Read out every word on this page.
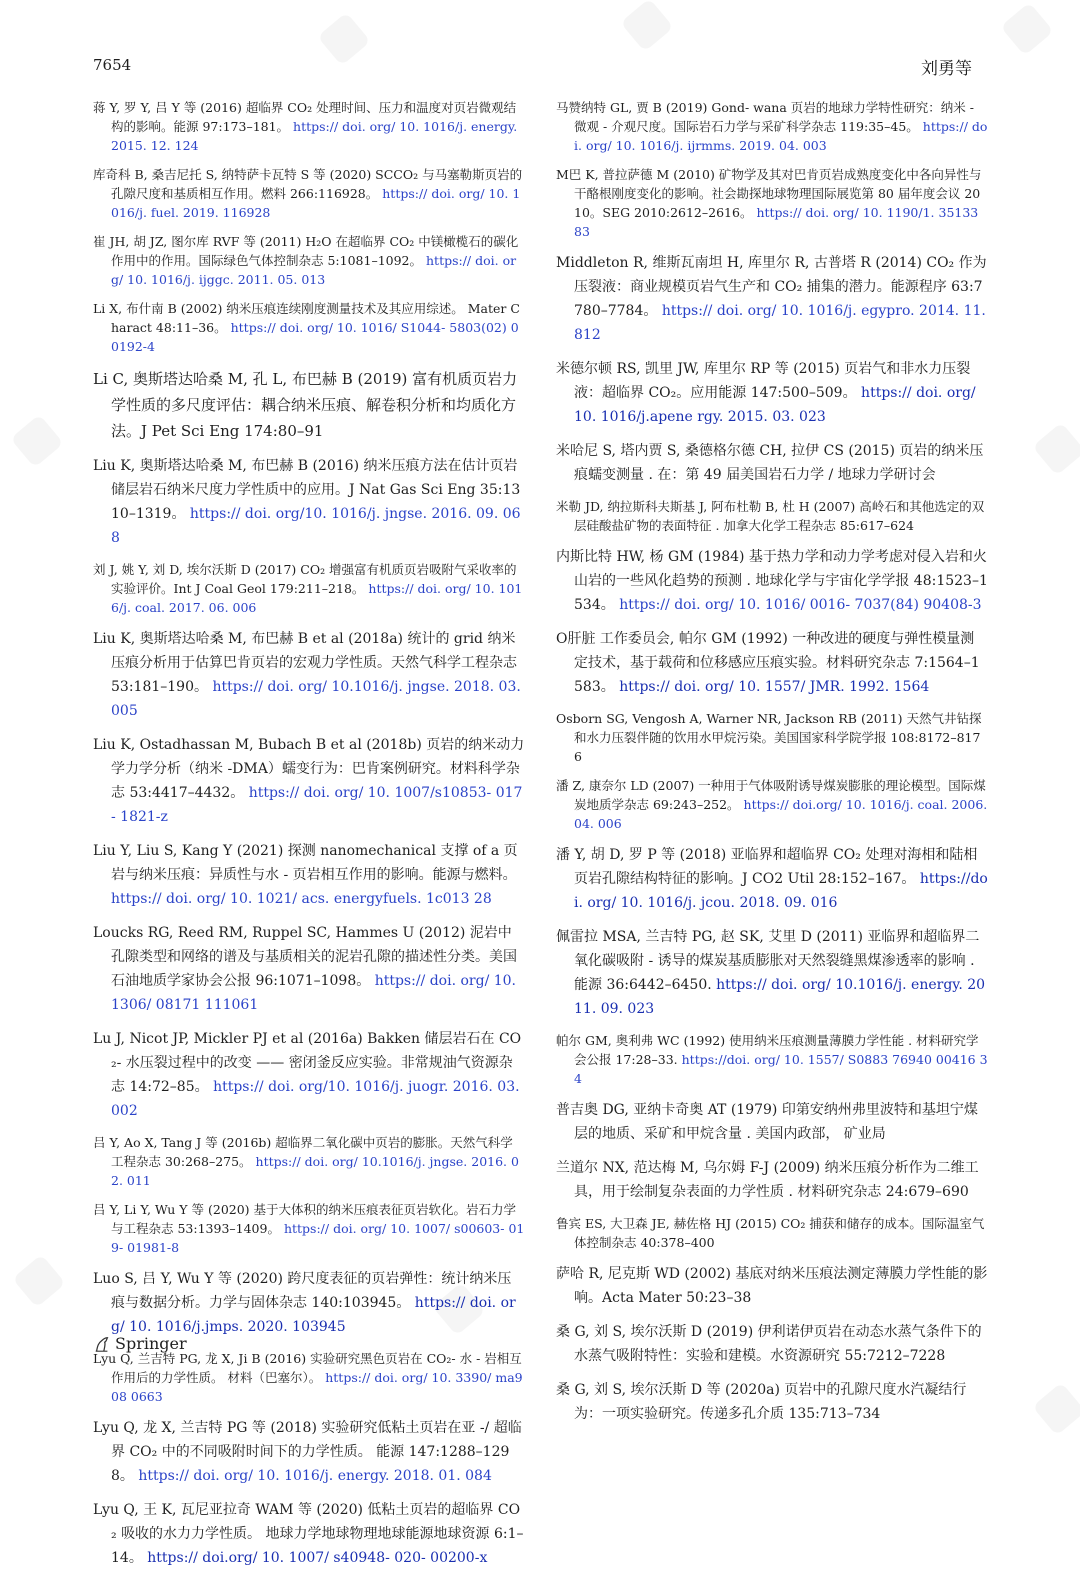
7654	刘勇等

蒋 Y, 罗 Y, 吕 Y 等 (2016) 超临界 CO₂ 处理时间、压力和温度对页岩微观结构的影响。能源 97:173–181。 https:// doi. org/ 10. 1016/j. energy. 2015. 12. 124

库奇科 B, 桑吉尼托 S, 纳特萨卡瓦特 S 等 (2020) SCCO₂ 与马塞勒斯页岩的孔隙尺度和基质相互作用。燃料 266:116928。 https:// doi. org/ 10. 1016/j. fuel. 2019. 116928

崔 JH, 胡 JZ, 图尔库 RVF 等 (2011) H₂O 在超临界 CO₂ 中镁橄榄石的碳化作用中的作用。国际绿色气体控制杂志 5:1081–1092。 https:// doi. org/ 10. 1016/j. ijggc. 2011. 05. 013

Li X, 布什南 B (2002) 纳米压痕连续刚度测量技术及其应用综述。 Mater Charact 48:11–36。 https:// doi. org/ 10. 1016/ S1044- 5803(02) 00192-4

Li C, 奥斯塔达哈桑 M, 孔 L, 布巴赫 B (2019) 富有机质页岩力学性质的多尺度评估：耦合纳米压痕、解卷积分析和均质化方法。J Pet Sci Eng 174:80–91

Liu K, 奥斯塔达哈桑 M, 布巴赫 B (2016) 纳米压痕方法在估计页岩储层岩石纳米尺度力学性质中的应用。J Nat Gas Sci Eng 35:1310–1319。 https:// doi. org/10. 1016/j. jngse. 2016. 09. 068

刘 J, 姚 Y, 刘 D, 埃尔沃斯 D (2017) CO₂ 增强富有机质页岩吸附气采收率的实验评价。Int J Coal Geol 179:211–218。 https:// doi. org/ 10. 1016/j. coal. 2017. 06. 006

Liu K, 奥斯塔达哈桑 M, 布巴赫 B et al (2018a) 统计的 grid 纳米压痕分析用于估算巴肯页岩的宏观力学性质。天然气科学工程杂志 53:181–190。 https:// doi. org/ 10.1016/j. jngse. 2018. 03. 005

Liu K, Ostadhassan M, Bubach B et al (2018b) 页岩的纳米动力学力学分析（纳米 -DMA）蠕变行为：巴肯案例研究。材料科学杂志 53:4417–4432。 https:// doi. org/ 10. 1007/s10853- 017- 1821-z

Liu Y, Liu S, Kang Y (2021) 探测 nanomechanical 支撑 of a 页岩与纳米压痕：异质性与水 - 页岩相互作用的影响。能源与燃料。 https:// doi. org/ 10. 1021/ acs. energyfuels. 1c013 28

Loucks RG, Reed RM, Ruppel SC, Hammes U (2012) 泥岩中孔隙类型和网络的谱及与基质相关的泥岩孔隙的描述性分类。美国石油地质学家协会公报 96:1071–1098。 https:// doi. org/ 10. 1306/ 08171 111061

Lu J, Nicot JP, Mickler PJ et al (2016a) Bakken 储层岩石在 CO₂- 水压裂过程中的改变 —— 密闭釜反应实验。非常规油气资源杂志 14:72–85。 https:// doi. org/10. 1016/j. juogr. 2016. 03. 002

吕 Y, Ao X, Tang J 等 (2016b) 超临界二氧化碳中页岩的膨胀。天然气科学工程杂志 30:268–275。 https:// doi. org/ 10.1016/j. jngse. 2016. 02. 011

吕 Y, Li Y, Wu Y 等 (2020) 基于大体积的纳米压痕表征页岩软化。岩石力学与工程杂志 53:1393–1409。 https:// doi. org/ 10. 1007/ s00603- 019- 01981-8

Luo S, 吕 Y, Wu Y 等 (2020) 跨尺度表征的页岩弹性：统计纳米压痕与数据分析。力学与固体杂志 140:103945。 https:// doi. org/ 10. 1016/j.jmps. 2020. 103945

Lyu Q, 兰吉特 PG, 龙 X, Ji B (2016) 实验研究黑色页岩在 CO₂- 水 - 岩相互作用后的力学性质。 材料（巴塞尔）。 https:// doi. org/ 10. 3390/ ma908 0663

Lyu Q, 龙 X, 兰吉特 PG 等 (2018) 实验研究低粘土页岩在亚 -/ 超临界 CO₂ 中的不同吸附时间下的力学性质。 能源 147:1288–1298。 https:// doi. org/ 10. 1016/j. energy. 2018. 01. 084

Lyu Q, 王 K, 瓦尼亚拉奇 WAM 等 (2020) 低粘土页岩的超临界 CO₂ 吸收的水力力学性质。 地球力学地球物理地球能源地球资源 6:1–14。 https:// doi.org/ 10. 1007/ s40948- 020- 00200-x

马赞纳特 GL, 贾 B (2019) Gond- wana 页岩的地球力学特性研究：纳米 - 微观 - 介观尺度。国际岩石力学与采矿科学杂志 119:35–45。 https:// doi. org/ 10. 1016/j. ijrmms. 2019. 04. 003

M巴 K, 普拉萨德 M (2010) 矿物学及其对巴肯页岩成熟度变化中各向异性与干酪根刚度变化的影响。社会勘探地球物理国际展览第 80 届年度会议 2010。SEG 2010:2612–2616。 https:// doi. org/ 10. 1190/1. 35133 83

Middleton R, 维斯瓦南坦 H, 库里尔 R, 古普塔 R (2014) CO₂ 作为压裂液：商业规模页岩气生产和 CO₂ 捕集的潜力。能源程序 63:7780–7784。 https:// doi. org/ 10. 1016/j. egypro. 2014. 11. 812

米德尔顿 RS, 凯里 JW, 库里尔 RP 等 (2015) 页岩气和非水力压裂液：超临界 CO₂。应用能源 147:500–509。 https:// doi. org/ 10. 1016/j.apene rgy. 2015. 03. 023

米哈尼 S, 塔内贾 S, 桑德格尔德 CH, 拉伊 CS (2015) 页岩的纳米压痕蠕变测量 . 在：第 49 届美国岩石力学 / 地球力学研讨会

米勒 JD, 纳拉斯科夫斯基 J, 阿布杜勒 B, 杜 H (2007) 高岭石和其他选定的双层硅酸盐矿物的表面特征 . 加拿大化学工程杂志 85:617–624

内斯比特 HW, 杨 GM (1984) 基于热力学和动力学考虑对侵入岩和火山岩的一些风化趋势的预测 . 地球化学与宇宙化学学报 48:1523–1534。 https:// doi. org/ 10. 1016/ 0016- 7037(84) 90408-3

O肝脏 工作委员会, 帕尔 GM (1992) 一种改进的硬度与弹性模量测定技术，基于载荷和位移感应压痕实验。材料研究杂志 7:1564–1583。 https:// doi. org/ 10. 1557/ JMR. 1992. 1564

Osborn SG, Vengosh A, Warner NR, Jackson RB (2011) 天然气井钻探和水力压裂伴随的饮用水甲烷污染。美国国家科学院学报 108:8172–8176

潘 Z, 康奈尔 LD (2007) 一种用于气体吸附诱导煤炭膨胀的理论模型。国际煤炭地质学杂志 69:243–252。 https:// doi.org/ 10. 1016/j. coal. 2006. 04. 006

潘 Y, 胡 D, 罗 P 等 (2018) 亚临界和超临界 CO₂ 处理对海相和陆相页岩孔隙结构特征的影响。J CO2 Util 28:152–167。 https://doi. org/ 10. 1016/j. jcou. 2018. 09. 016

佩雷拉 MSA, 兰吉特 PG, 赵 SK, 艾里 D (2011) 亚临界和超临界二氧化碳吸附 - 诱导的煤炭基质膨胀对天然裂缝黑煤渗透率的影响 . 能源 36:6442–6450. https:// doi. org/ 10.1016/j. energy. 2011. 09. 023

帕尔 GM, 奥利弗 WC (1992) 使用纳米压痕测量薄膜力学性能 . 材料研究学会公报 17:28–33. https://doi. org/ 10. 1557/ S0883 76940 00416 34

普吉奥 DG, 亚纳卡奇奥 AT (1979) 印第安纳州弗里波特和基坦宁煤层的地质、采矿和甲烷含量 . 美国内政部， 矿业局

兰道尔 NX, 范达梅 M, 乌尔姆 F-J (2009) 纳米压痕分析作为二维工具，用于绘制复杂表面的力学性质 . 材料研究杂志 24:679–690

鲁宾 ES, 大卫森 JE, 赫佐格 HJ (2015) CO₂ 捕获和储存的成本。国际温室气体控制杂志 40:378–400

萨哈 R, 尼克斯 WD (2002) 基底对纳米压痕法测定薄膜力学性能的影响。Acta Mater 50:23–38

桑 G, 刘 S, 埃尔沃斯 D (2019) 伊利诺伊页岩在动态水蒸气条件下的水蒸气吸附特性：实验和建模。水资源研究 55:7212–7228

桑 G, 刘 S, 埃尔沃斯 D 等 (2020a) 页岩中的孔隙尺度水汽凝结行为：一项实验研究。传递多孔介质 135:713–734

Springer
